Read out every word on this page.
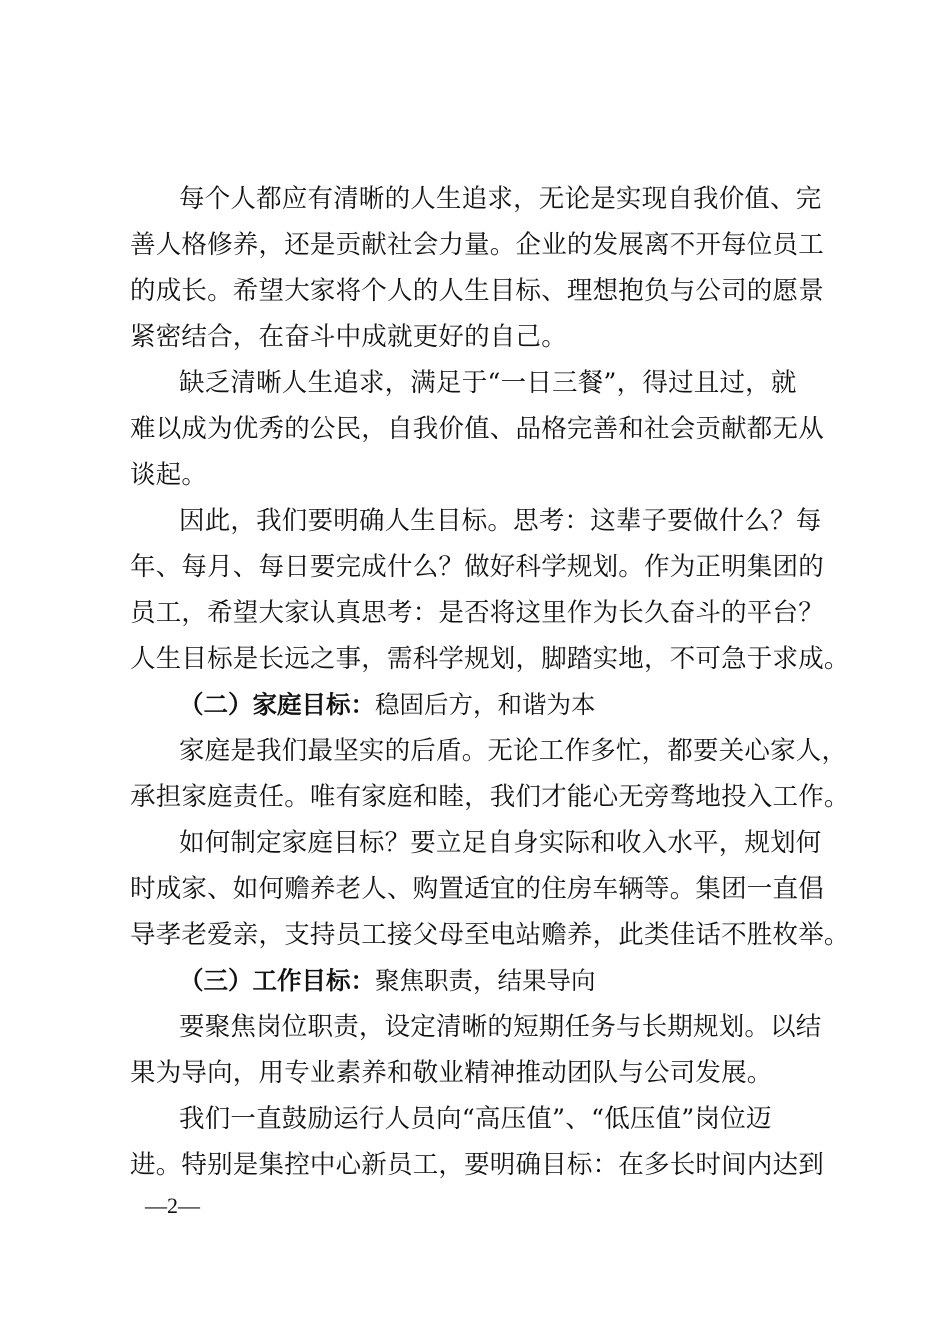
每个人都应有清晰的人生追求，无论是实现自我价值、完
善人格修养，还是贡献社会力量。企业的发展离不开每位员工
的成长。希望大家将个人的人生目标、理想抱负与公司的愿景
紧密结合，在奋斗中成就更好的自己。
缺乏清晰人生追求，满足于“一日三餐”，得过且过，就
难以成为优秀的公民，自我价值、品格完善和社会贡献都无从
谈起。
因此，我们要明确人生目标。思考：这辈子要做什么？每
年、每月、每日要完成什么？做好科学规划。作为正明集团的
员工，希望大家认真思考：是否将这里作为长久奋斗的平台？
人生目标是长远之事，需科学规划，脚踏实地，不可急于求成。
（二）家庭目标：稳固后方，和谐为本
家庭是我们最坚实的后盾。无论工作多忙，都要关心家人，
承担家庭责任。唯有家庭和睦，我们才能心无旁骛地投入工作。
如何制定家庭目标？要立足自身实际和收入水平，规划何
时成家、如何赡养老人、购置适宜的住房车辆等。集团一直倡
导孝老爱亲，支持员工接父母至电站赡养，此类佳话不胜枚举。
（三）工作目标：聚焦职责，结果导向
要聚焦岗位职责，设定清晰的短期任务与长期规划。以结
果为导向，用专业素养和敬业精神推动团队与公司发展。
我们一直鼓励运行人员向“高压值”、“低压值”岗位迈
进。特别是集控中心新员工，要明确目标：在多长时间内达到
—2—
